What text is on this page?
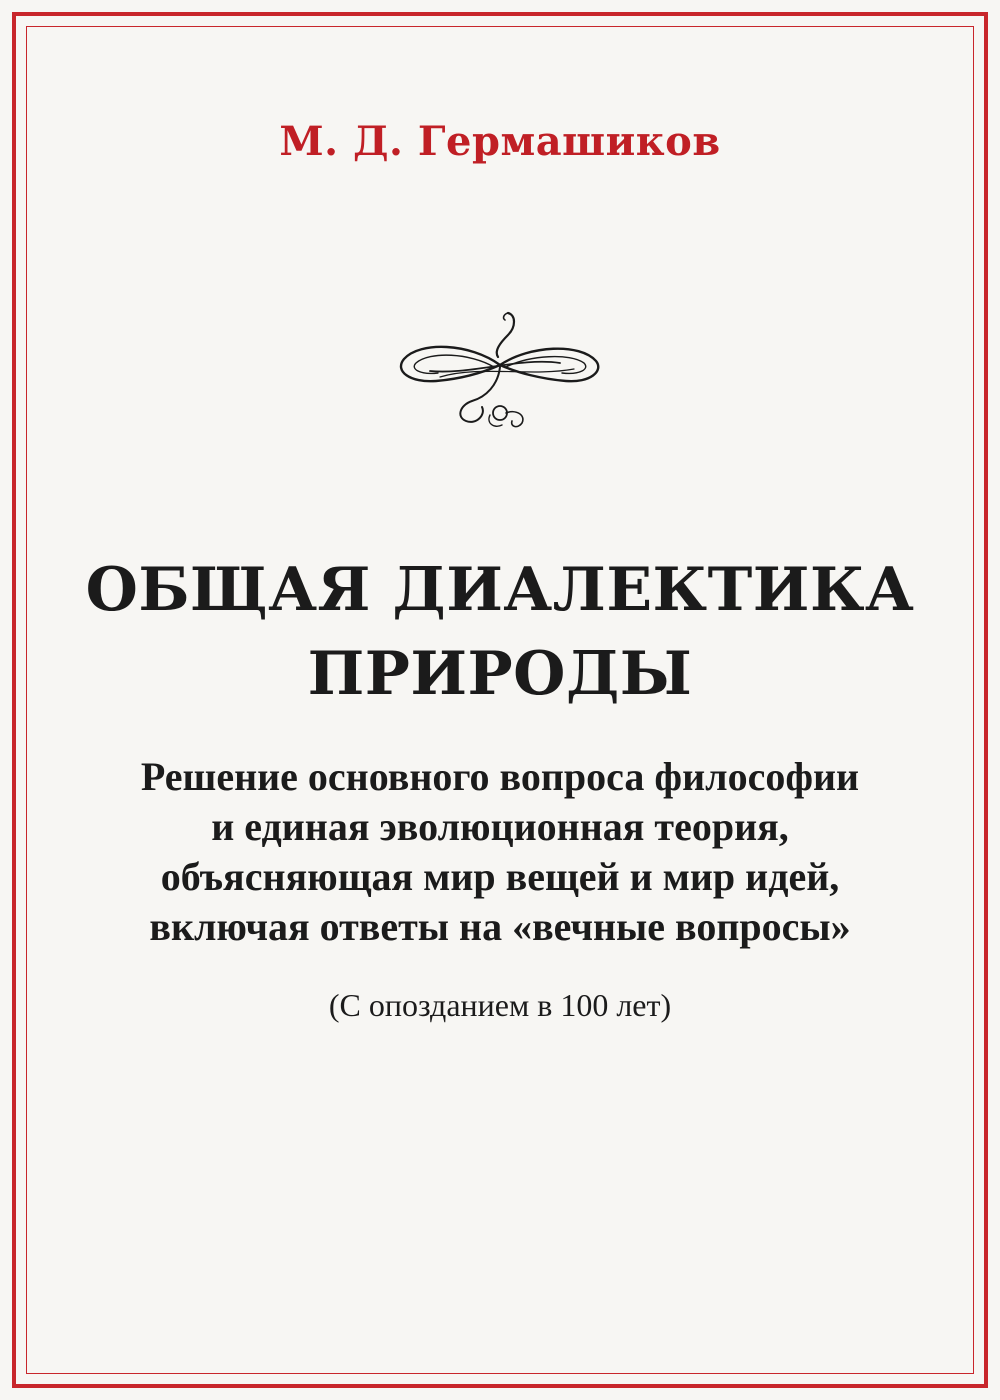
М. Д. Гермашиков
ОБЩАЯ ДИАЛЕКТИКА
ПРИРОДЫ
Решение основного вопроса философии
и единая эволюционная теория,
объясняющая мир вещей и мир идей,
включая ответы на «вечные вопросы»
(С опозданием в 100 лет)
